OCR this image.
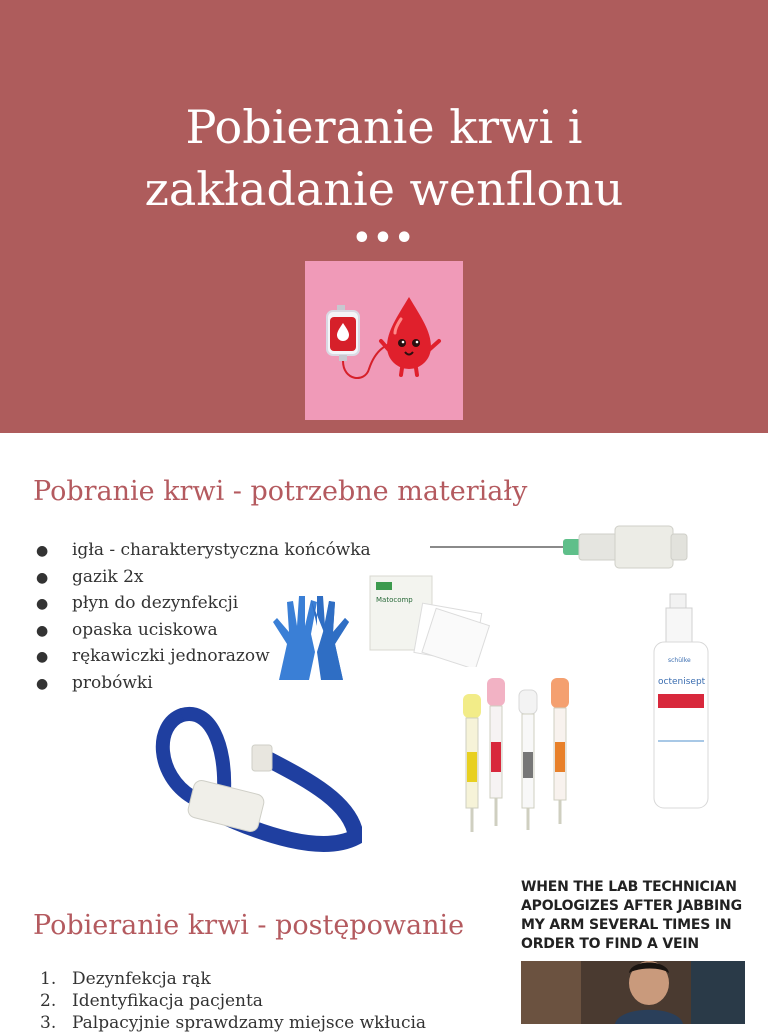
Pobieranie krwi i
zakładanie wenflonu
•••
Pobranie krwi - potrzebne materiały
● igła - charakterystyczna końcówka
● gazik 2x
● płyn do dezynfekcji
● opaska uciskowa
● rękawiczki jednorazow
● probówki
Matocomp
schülke
octenisept
Pobieranie krwi - postępowanie
1. Dezynfekcja rąk
2. Identyfikacja pacjenta
3. Palpacyjnie sprawdzamy miejsce wkłucia
WHEN THE LAB TECHNICIAN APOLOGIZES AFTER JABBING MY ARM SEVERAL TIMES IN ORDER TO FIND A VEIN
